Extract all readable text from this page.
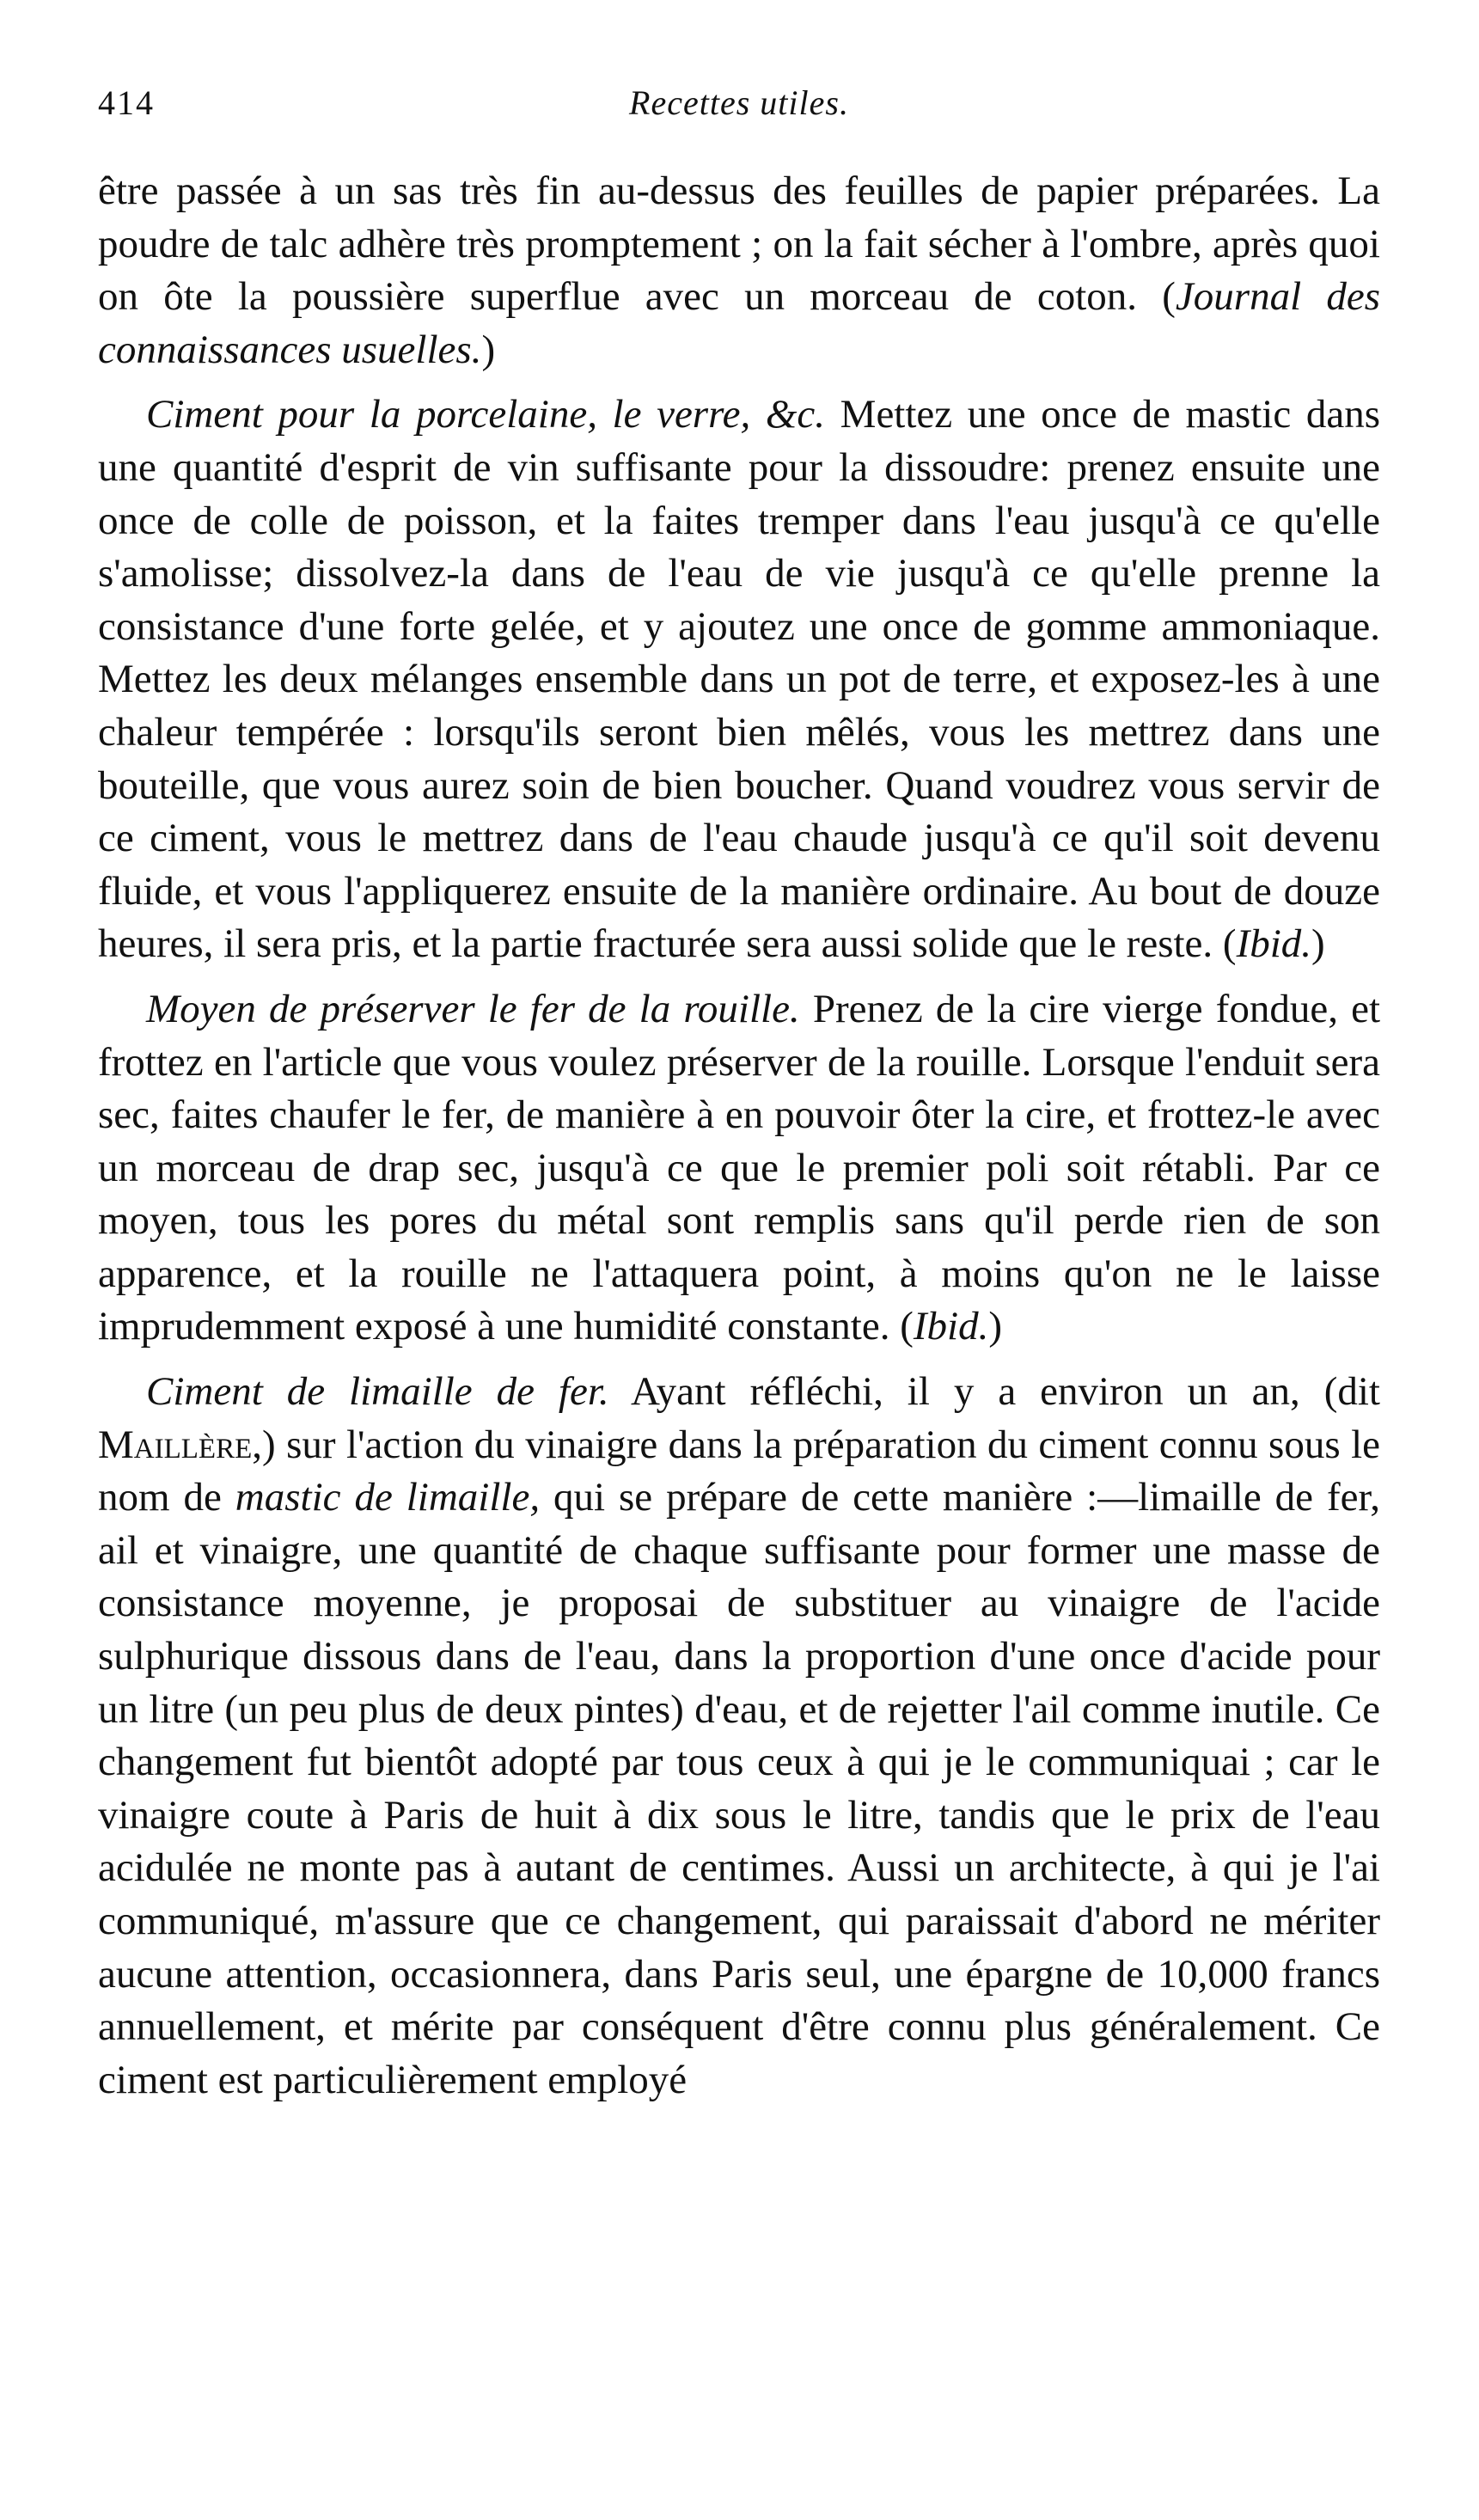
414	Recettes utiles.

être passée à un sas très fin au-dessus des feuilles de papier préparées. La poudre de talc adhère très promptement ; on la fait sécher à l'ombre, après quoi on ôte la poussière superflue avec un morceau de coton. (Journal des connaissances usuelles.)

Ciment pour la porcelaine, le verre, &c. Mettez une once de mastic dans une quantité d'esprit de vin suffisante pour la dissoudre: prenez ensuite une once de colle de poisson, et la faites tremper dans l'eau jusqu'à ce qu'elle s'amolisse; dissolvez-la dans de l'eau de vie jusqu'à ce qu'elle prenne la consistance d'une forte gelée, et y ajoutez une once de gomme ammoniaque. Mettez les deux mélanges ensemble dans un pot de terre, et exposez-les à une chaleur tempérée : lorsqu'ils seront bien mêlés, vous les mettrez dans une bouteille, que vous aurez soin de bien boucher. Quand voudrez vous servir de ce ciment, vous le mettrez dans de l'eau chaude jusqu'à ce qu'il soit devenu fluide, et vous l'appliquerez ensuite de la manière ordinaire. Au bout de douze heures, il sera pris, et la partie fracturée sera aussi solide que le reste. (Ibid.)

Moyen de préserver le fer de la rouille. Prenez de la cire vierge fondue, et frottez en l'article que vous voulez préserver de la rouille. Lorsque l'enduit sera sec, faites chaufer le fer, de manière à en pouvoir ôter la cire, et frottez-le avec un morceau de drap sec, jusqu'à ce que le premier poli soit rétabli. Par ce moyen, tous les pores du métal sont remplis sans qu'il perde rien de son apparence, et la rouille ne l'attaquera point, à moins qu'on ne le laisse imprudemment exposé à une humidité constante. (Ibid.)

Ciment de limaille de fer. Ayant réfléchi, il y a environ un an, (dit Maillère,) sur l'action du vinaigre dans la préparation du ciment connu sous le nom de mastic de limaille, qui se prépare de cette manière :—limaille de fer, ail et vinaigre, une quantité de chaque suffisante pour former une masse de consistance moyenne, je proposai de substituer au vinaigre de l'acide sulphurique dissous dans de l'eau, dans la proportion d'une once d'acide pour un litre (un peu plus de deux pintes) d'eau, et de rejetter l'ail comme inutile. Ce changement fut bientôt adopté par tous ceux à qui je le communiquai ; car le vinaigre coute à Paris de huit à dix sous le litre, tandis que le prix de l'eau acidulée ne monte pas à autant de centimes. Aussi un architecte, à qui je l'ai communiqué, m'assure que ce changement, qui paraissait d'abord ne mériter aucune attention, occasionnera, dans Paris seul, une épargne de 10,000 francs annuellement, et mérite par conséquent d'être connu plus généralement. Ce ciment est particulièrement employé
